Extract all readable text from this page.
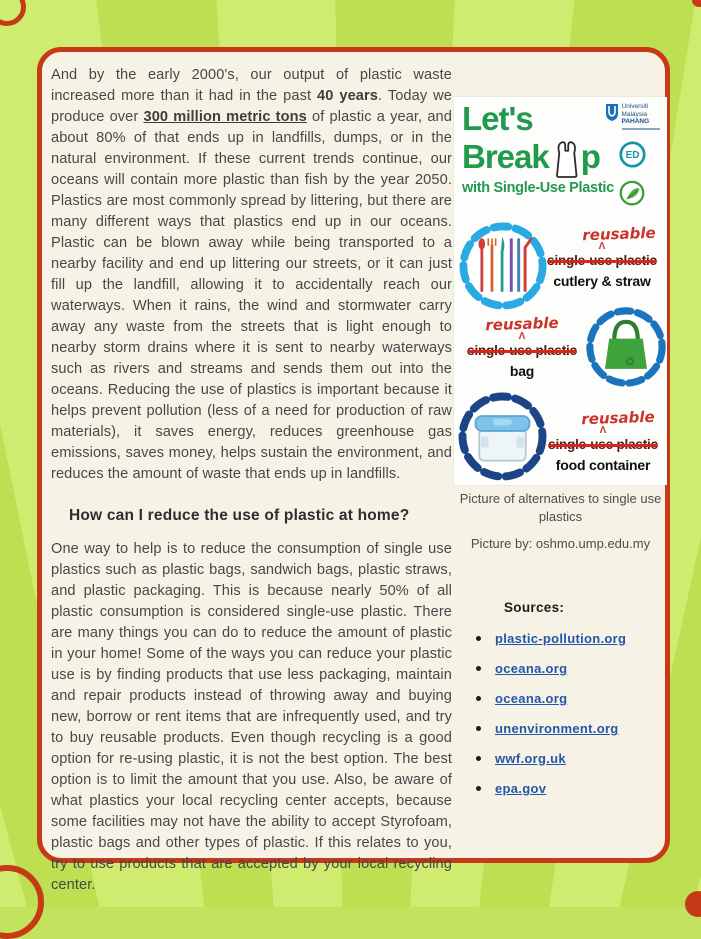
And by the early 2000's, our output of plastic waste increased more than it had in the past 40 years. Today we produce over 300 million metric tons of plastic a year, and about 80% of that ends up in landfills, dumps, or in the natural environment. If these current trends continue, our oceans will contain more plastic than fish by the year 2050. Plastics are most commonly spread by littering, but there are many different ways that plastics end up in our oceans. Plastic can be blown away while being transported to a nearby facility and end up littering our streets, or it can just fill up the landfill, allowing it to accidentally reach our waterways. When it rains, the wind and stormwater carry away any waste from the streets that is light enough to nearby storm drains where it is sent to nearby waterways such as rivers and streams and sends them out into the oceans. Reducing the use of plastics is important because it helps prevent pollution (less of a need for production of raw materials), it saves energy, reduces greenhouse gas emissions, saves money, helps sustain the environment, and reduces the amount of waste that ends up in landfills.

How can I reduce the use of plastic at home?

One way to help is to reduce the consumption of single use plastics such as plastic bags, sandwich bags, plastic straws, and plastic packaging. This is because nearly 50% of all plastic consumption is considered single-use plastic. There are many things you can do to reduce the amount of plastic in your home! Some of the ways you can reduce your plastic use is by finding products that use less packaging, maintain and repair products instead of throwing away and buying new, borrow or rent items that are infrequently used, and try to buy reusable products. Even though recycling is a good option for re-using plastic, it is not the best option. The best option is to limit the amount that you use. Also, be aware of what plastics your local recycling center accepts, because some facilities may not have the ability to accept Styrofoam, plastic bags and other types of plastic. If this relates to you, try to use products that are accepted by your local recycling center.

Let's
Break p
with Single-Use Plastic
Universiti
Malaysia
PAHANG
ED
reusable
Λ
single-use plastic
cutlery & straw
reusable
Λ
single-use plastic
bag
♻
reusable
Λ
single-use plastic
food container
Picture of alternatives to single use plastics
Picture by: oshmo.ump.edu.my
Sources:
plastic-pollution.org
oceana.org
oceana.org
unenvironment.org
wwf.org.uk
epa.gov
